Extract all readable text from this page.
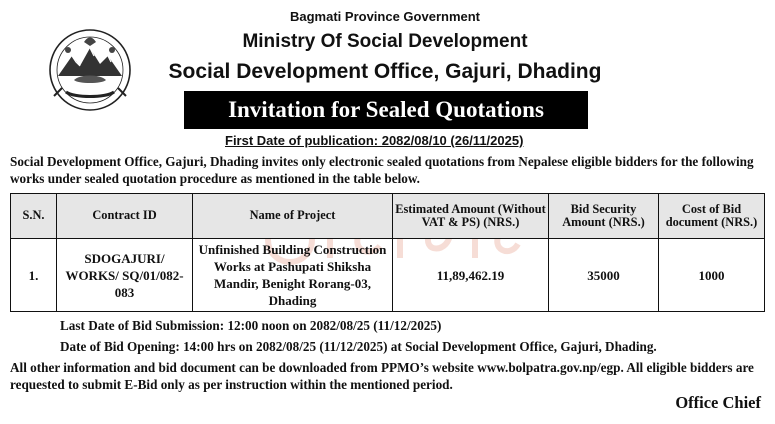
Bagmati Province Government
Ministry Of Social Development
Social Development Office, Gajuri, Dhading
Invitation for Sealed Quotations
First Date of publication: 2082/08/10 (26/11/2025)
Social Development Office, Gajuri, Dhading invites only electronic sealed quotations from Nepalese eligible bidders for the following works under sealed quotation procedure as mentioned in the table below.
S.N.	Contract ID	Name of Project	Estimated Amount (Without VAT & PS) (NRS.)	Bid Security Amount (NRS.)	Cost of Bid document (NRS.)
1.	SDOGAJURI/ WORKS/ SQ/01/082-083	Unfinished Building Construction Works at Pashupati Shiksha Mandir, Benight Rorang-03, Dhading	11,89,462.19	35000	1000
Last Date of Bid Submission: 12:00 noon on 2082/08/25 (11/12/2025)
Date of Bid Opening: 14:00 hrs on 2082/08/25 (11/12/2025) at Social Development Office, Gajuri, Dhading.
All other information and bid document can be downloaded from PPMO’s website www.bolpatra.gov.np/egp. All eligible bidders are requested to submit E-Bid only as per instruction within the mentioned period.
Office Chief
